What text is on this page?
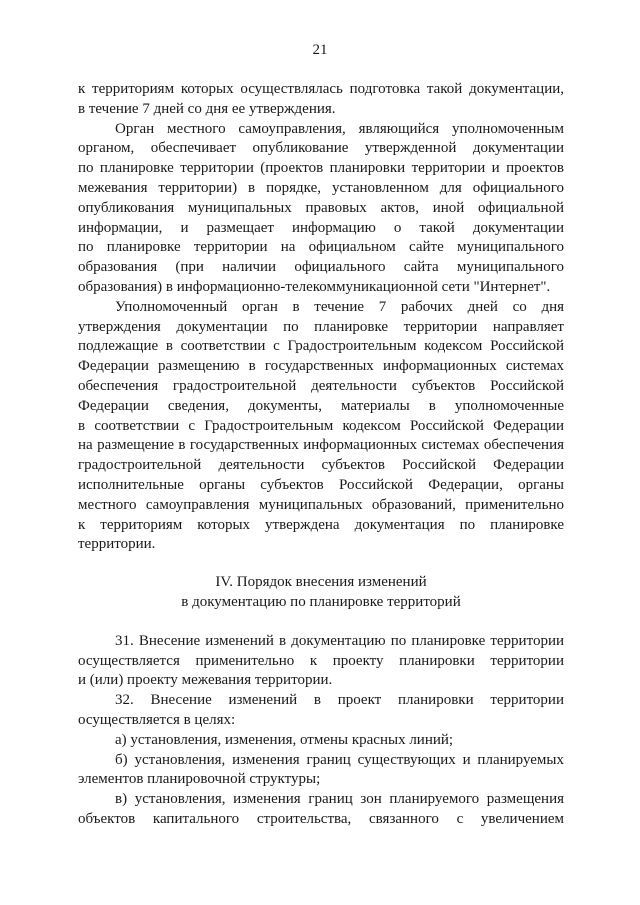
21

к территориям которых осуществлялась подготовка такой документации,
в течение 7 дней со дня ее утверждения.

Орган местного самоуправления, являющийся уполномоченным
органом, обеспечивает опубликование утвержденной документации
по планировке территории (проектов планировки территории и проектов
межевания территории) в порядке, установленном для официального
опубликования муниципальных правовых актов, иной официальной
информации, и размещает информацию о такой документации
по планировке территории на официальном сайте муниципального
образования (при наличии официального сайта муниципального
образования) в информационно-телекоммуникационной сети "Интернет".

Уполномоченный орган в течение 7 рабочих дней со дня
утверждения документации по планировке территории направляет
подлежащие в соответствии с Градостроительным кодексом Российской
Федерации размещению в государственных информационных системах
обеспечения градостроительной деятельности субъектов Российской
Федерации сведения, документы, материалы в уполномоченные
в соответствии с Градостроительным кодексом Российской Федерации
на размещение в государственных информационных системах обеспечения
градостроительной деятельности субъектов Российской Федерации
исполнительные органы субъектов Российской Федерации, органы
местного самоуправления муниципальных образований, применительно
к территориям которых утверждена документация по планировке
территории.

IV. Порядок внесения изменений
в документацию по планировке территорий

31. Внесение изменений в документацию по планировке территории
осуществляется применительно к проекту планировки территории
и (или) проекту межевания территории.

32. Внесение изменений в проект планировки территории
осуществляется в целях:

а) установления, изменения, отмены красных линий;

б) установления, изменения границ существующих и планируемых
элементов планировочной структуры;

в) установления, изменения границ зон планируемого размещения
объектов капитального строительства, связанного с увеличением
